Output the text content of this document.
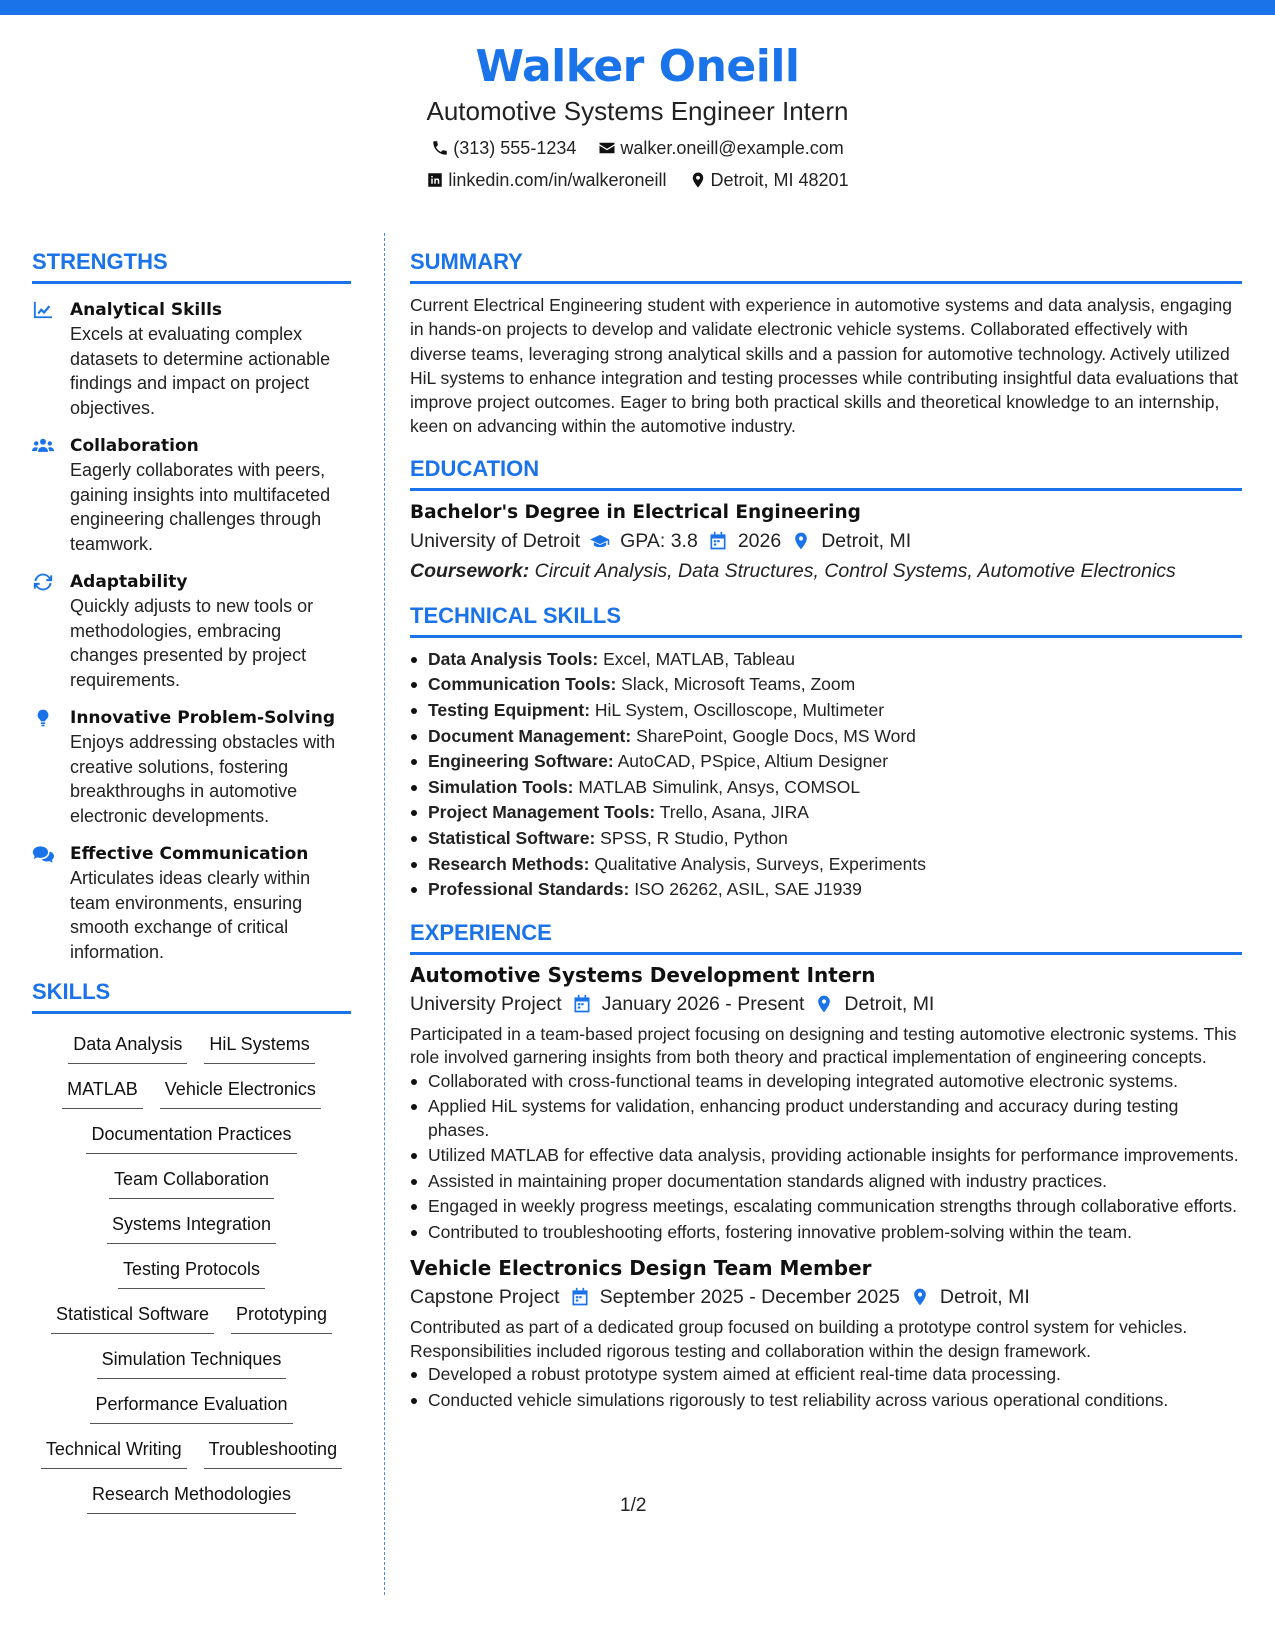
Walker Oneill
Automotive Systems Engineer Intern
(313) 555-1234 walker.oneill@example.com
linkedin.com/in/walkeroneill Detroit, MI 48201
STRENGTHS
Analytical Skills
Excels at evaluating complex datasets to determine actionable findings and impact on project objectives.
Collaboration
Eagerly collaborates with peers, gaining insights into multifaceted engineering challenges through teamwork.
Adaptability
Quickly adjusts to new tools or methodologies, embracing changes presented by project requirements.
Innovative Problem-Solving
Enjoys addressing obstacles with creative solutions, fostering breakthroughs in automotive electronic developments.
Effective Communication
Articulates ideas clearly within team environments, ensuring smooth exchange of critical information.
SKILLS
Data Analysis HiL Systems
MATLAB Vehicle Electronics
Documentation Practices
Team Collaboration
Systems Integration
Testing Protocols
Statistical Software Prototyping
Simulation Techniques
Performance Evaluation
Technical Writing Troubleshooting
Research Methodologies
SUMMARY
Current Electrical Engineering student with experience in automotive systems and data analysis, engaging in hands-on projects to develop and validate electronic vehicle systems. Collaborated effectively with diverse teams, leveraging strong analytical skills and a passion for automotive technology. Actively utilized HiL systems to enhance integration and testing processes while contributing insightful data evaluations that improve project outcomes. Eager to bring both practical skills and theoretical knowledge to an internship, keen on advancing within the automotive industry.
EDUCATION
Bachelor's Degree in Electrical Engineering
University of Detroit GPA: 3.8 2026 Detroit, MI
Coursework: Circuit Analysis, Data Structures, Control Systems, Automotive Electronics
TECHNICAL SKILLS
Data Analysis Tools: Excel, MATLAB, Tableau
Communication Tools: Slack, Microsoft Teams, Zoom
Testing Equipment: HiL System, Oscilloscope, Multimeter
Document Management: SharePoint, Google Docs, MS Word
Engineering Software: AutoCAD, PSpice, Altium Designer
Simulation Tools: MATLAB Simulink, Ansys, COMSOL
Project Management Tools: Trello, Asana, JIRA
Statistical Software: SPSS, R Studio, Python
Research Methods: Qualitative Analysis, Surveys, Experiments
Professional Standards: ISO 26262, ASIL, SAE J1939
EXPERIENCE
Automotive Systems Development Intern
University Project January 2026 - Present Detroit, MI
Participated in a team-based project focusing on designing and testing automotive electronic systems. This role involved garnering insights from both theory and practical implementation of engineering concepts.
Collaborated with cross-functional teams in developing integrated automotive electronic systems.
Applied HiL systems for validation, enhancing product understanding and accuracy during testing phases.
Utilized MATLAB for effective data analysis, providing actionable insights for performance improvements.
Assisted in maintaining proper documentation standards aligned with industry practices.
Engaged in weekly progress meetings, escalating communication strengths through collaborative efforts.
Contributed to troubleshooting efforts, fostering innovative problem-solving within the team.
Vehicle Electronics Design Team Member
Capstone Project September 2025 - December 2025 Detroit, MI
Contributed as part of a dedicated group focused on building a prototype control system for vehicles. Responsibilities included rigorous testing and collaboration within the design framework.
Developed a robust prototype system aimed at efficient real-time data processing.
Conducted vehicle simulations rigorously to test reliability across various operational conditions.
1/2
